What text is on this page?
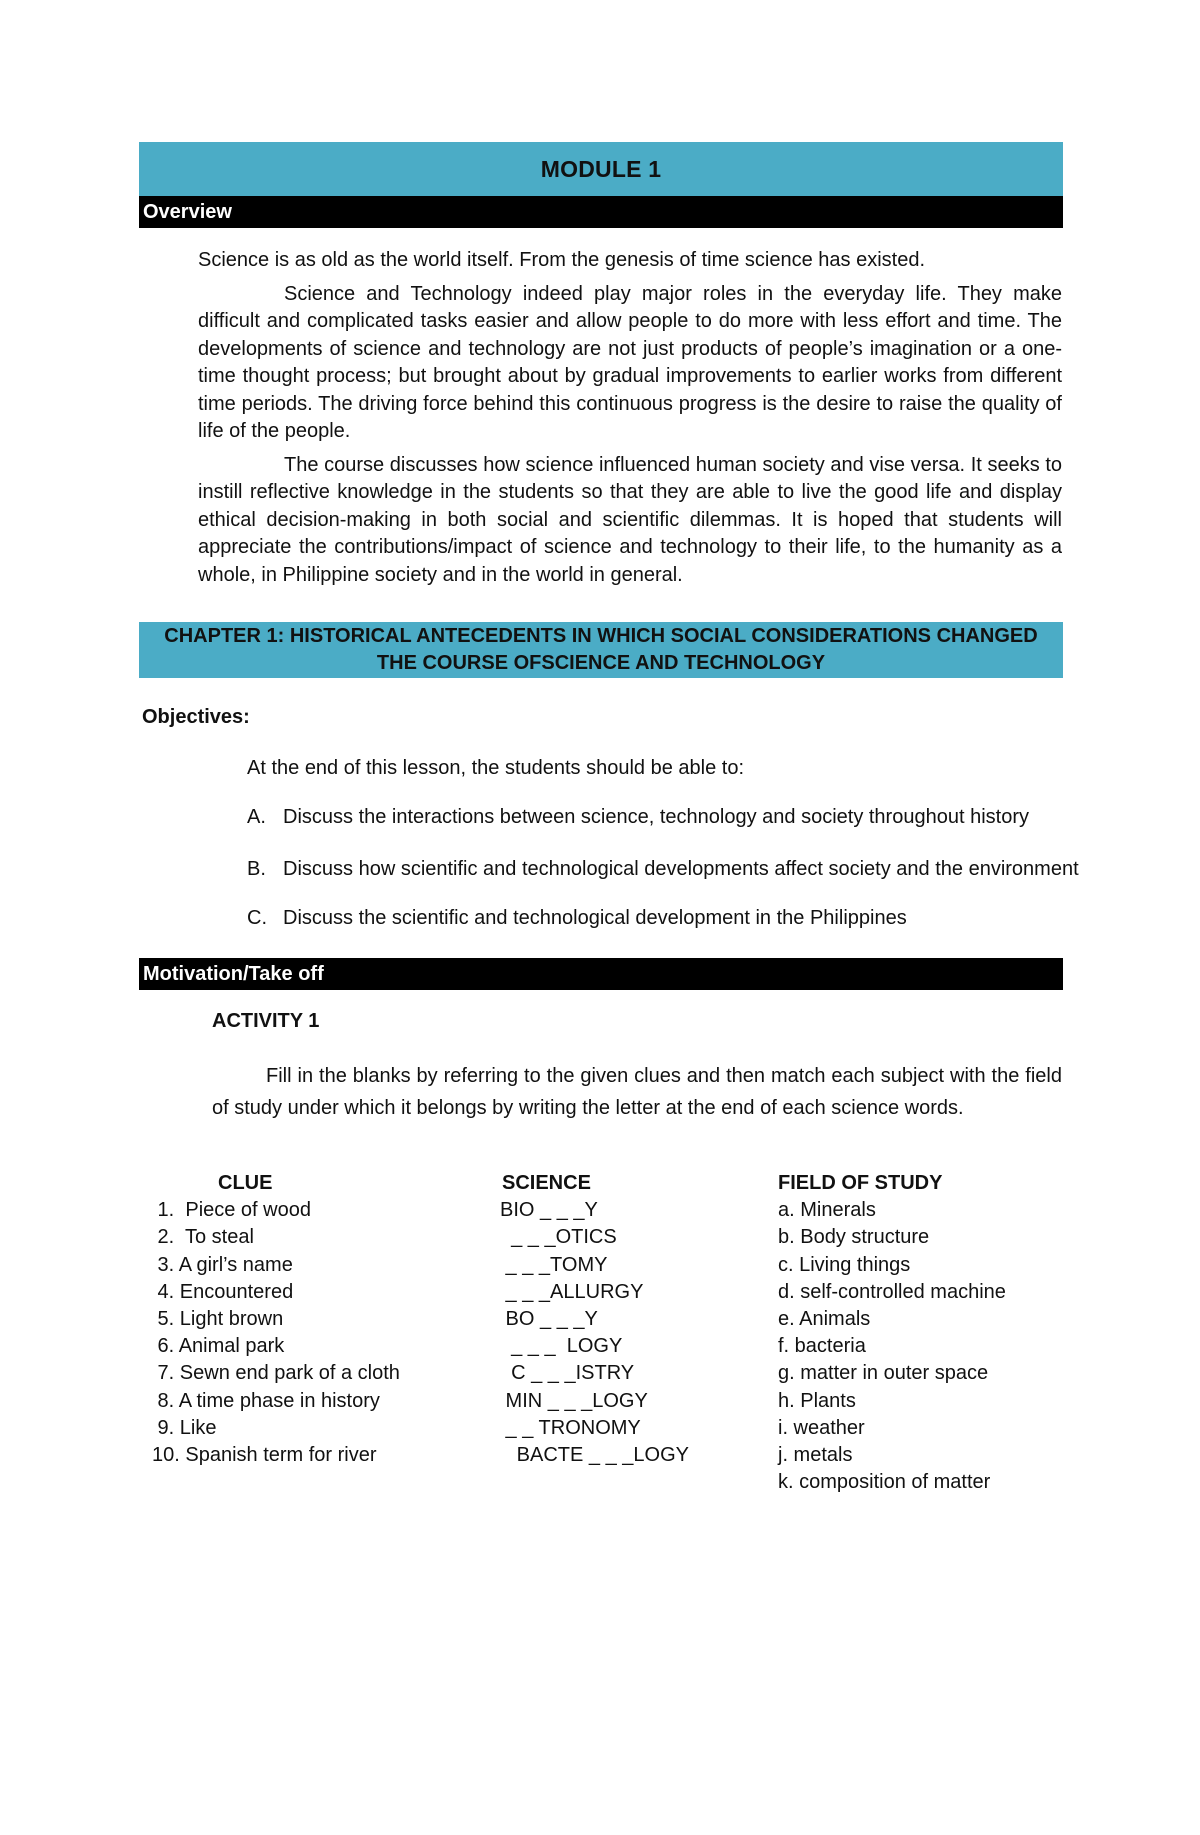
MODULE 1
Overview

Science is as old as the world itself. From the genesis of time science has existed.

Science and Technology indeed play major roles in the everyday life. They make difficult and complicated tasks easier and allow people to do more with less effort and time. The developments of science and technology are not just products of people’s imagination or a one-time thought process; but brought about by gradual improvements to earlier works from different time periods. The driving force behind this continuous progress is the desire to raise the quality of life of the people.

The course discusses how science influenced human society and vise versa. It seeks to instill reflective knowledge in the students so that they are able to live the good life and display ethical decision-making in both social and scientific dilemmas. It is hoped that students will appreciate the contributions/impact of science and technology to their life, to the humanity as a whole, in Philippine society and in the world in general.

CHAPTER 1: HISTORICAL ANTECEDENTS IN WHICH SOCIAL CONSIDERATIONS CHANGED THE COURSE OFSCIENCE AND TECHNOLOGY
Objectives:
At the end of this lesson, the students should be able to:
A. Discuss the interactions between science, technology and society throughout history
B. Discuss how scientific and technological developments affect society and the environment
C. Discuss the scientific and technological development in the Philippines
Motivation/Take off
ACTIVITY 1

Fill in the blanks by referring to the given clues and then match each subject with the field of study under which it belongs by writing the letter at the end of each science words.

CLUE
1.  Piece of wood
2.  To steal
3. A girl’s name
4. Encountered
5. Light brown
6. Animal park
7. Sewn end park of a cloth
8. A time phase in history
9. Like
10. Spanish term for river
SCIENCE
BIO _ _ _Y
_ _ _OTICS
_ _ _TOMY
_ _ _ALLURGY
BO _ _ _Y
_ _ _  LOGY
C _ _ _ISTRY
MIN _ _ _LOGY
_ _ TRONOMY
BACTE _ _ _LOGY
FIELD OF STUDY
a. Minerals
b. Body structure
c. Living things
d. self-controlled machine
e. Animals
f. bacteria
g. matter in outer space
h. Plants
i. weather
j. metals
k. composition of matter
